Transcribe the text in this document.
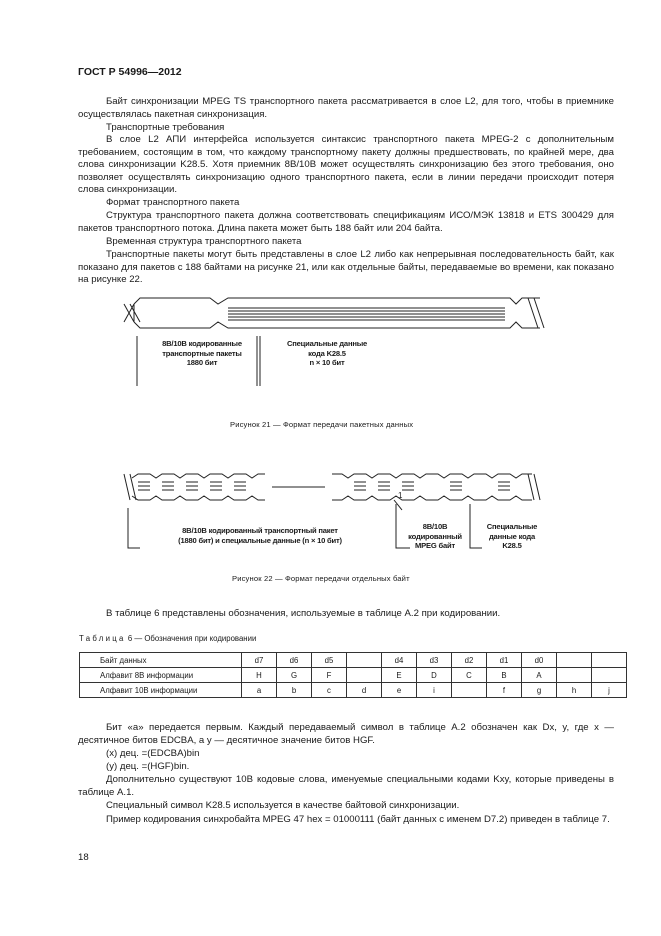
ГОСТ Р 54996—2012
Байт синхронизации MPEG TS транспортного пакета рассматривается в слое L2, для того, чтобы в приемнике осуществлялась пакетная синхронизация.
Транспортные требования
В слое L2 АПИ интерфейса используется синтаксис транспортного пакета MPEG-2 с дополнительным требованием, состоящим в том, что каждому транспортному пакету должны предшествовать, по крайней мере, два слова синхронизации K28.5. Хотя приемник 8B/10B может осуществлять синхронизацию без этого требования, оно позволяет осуществлять синхронизацию одного транспортного пакета, если в линии передачи происходит потеря слова синхронизации.
Формат транспортного пакета
Структура транспортного пакета должна соответствовать спецификациям ИСО/МЭК 13818 и ETS 300429 для пакетов транспортного потока. Длина пакета может быть 188 байт или 204 байта.
Временная структура транспортного пакета
Транспортные пакеты могут быть представлены в слое L2 либо как непрерывная последовательность байт, как показано для пакетов с 188 байтами на рисунке 21, или как отдельные байты, передаваемые во времени, как показано на рисунке 22.
8B/10B кодированные
транспортные пакеты
1880 бит
Специальные данные
кода K28.5
n × 10 бит
Рисунок 21 — Формат передачи пакетных данных
1
8B/10B кодированный транспортный пакет
(1880 бит) и специальные данные (n × 10 бит)
8B/10B
кодированный
MPEG байт
Специальные
данные кода
K28.5
Рисунок 22 — Формат передачи отдельных байт
В таблице 6 представлены обозначения, используемые в таблице А.2 при кодировании.
Таблица 6 — Обозначения при кодировании
Байт данных	d7	d6	d5		d4	d3	d2	d1	d0		
Алфавит 8В информации	H	G	F		E	D	C	B	A		
Алфавит 10В информации	a	b	c	d	e	i		f	g	h	j
Бит «а» передается первым. Каждый передаваемый символ в таблице А.2 обозначен как Dx, y, где x — десятичное битов EDCBA, а y — десятичное значение битов HGF.
(x) дец. =(EDCBA)bin
(y) дец. =(HGF)bin.
Дополнительно существуют 10В кодовые слова, именуемые специальными кодами Kxy, которые приведены в таблице А.1.
Специальный символ K28.5 используется в качестве байтовой синхронизации.
Пример кодирования синхробайта MPEG 47 hex = 01000111 (байт данных с именем D7.2) приведен в таблице 7.
18
